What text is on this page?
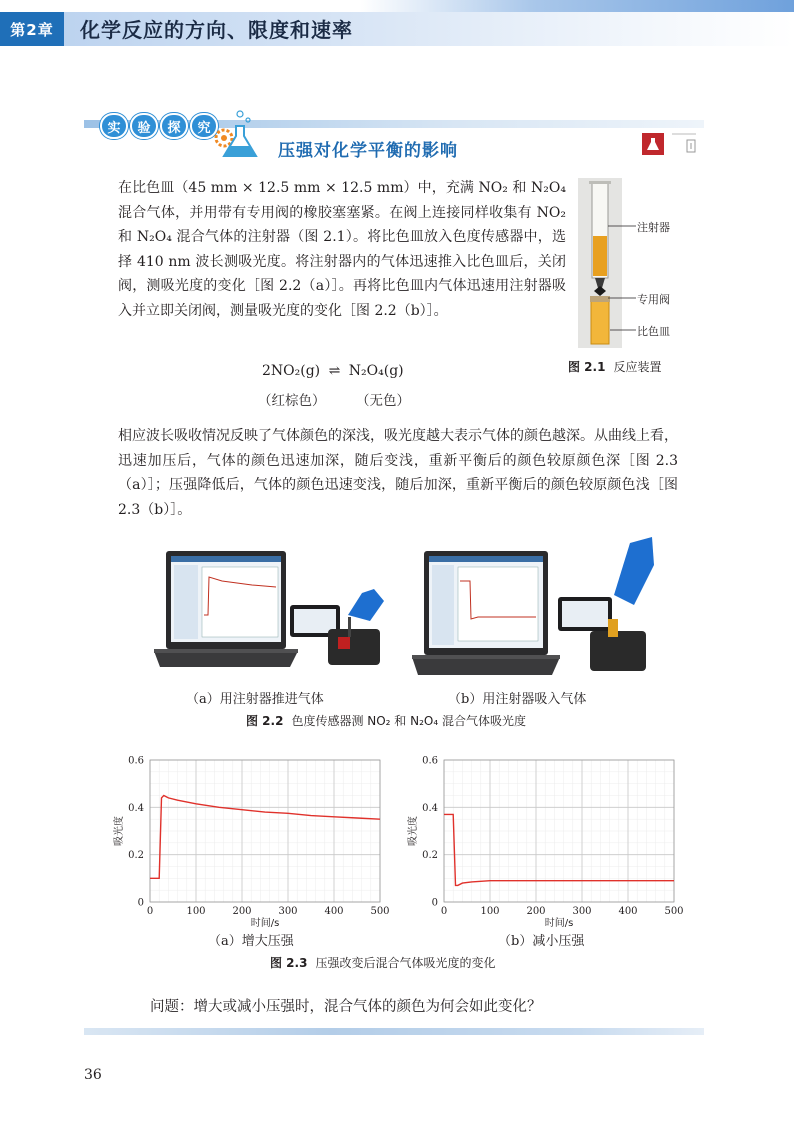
第2章	化学反应的方向、限度和速率
实	验	探	究
压强对化学平衡的影响
在比色皿（45 mm × 12.5 mm × 12.5 mm）中，充满 NO₂ 和 N₂O₄ 混合气体，并用带有专用阀的橡胶塞塞紧。在阀上连接同样收集有 NO₂ 和 N₂O₄ 混合气体的注射器（图 2.1）。将比色皿放入色度传感器中，选择 410 nm 波长测吸光度。将注射器内的气体迅速推入比色皿后，关闭阀，测吸光度的变化［图 2.2（a）］。再将比色皿内气体迅速用注射器吸入并立即关闭阀，测量吸光度的变化［图 2.2（b）］。
注射器
专用阀
比色皿
图 2.1 反应装置
2NO₂(g) ⇌ N₂O₄(g)
（红棕色） （无色）
相应波长吸收情况反映了气体颜色的深浅，吸光度越大表示气体的颜色越深。从曲线上看，迅速加压后，气体的颜色迅速加深，随后变浅，重新平衡后的颜色较原颜色深［图 2.3（a）］；压强降低后，气体的颜色迅速变浅，随后加深，重新平衡后的颜色较原颜色浅［图 2.3（b）］。
（a）用注射器推进气体	（b）用注射器吸入气体
图 2.2 色度传感器测 NO₂ 和 N₂O₄ 混合气体吸光度
0	100	200	300	400	500
0
0.2
0.4
0.6
时间/s
吸光度
0	100	200	300	400	500
0
0.2
0.4
0.6
时间/s
吸光度
（a）增大压强	（b）减小压强
图 2.3 压强改变后混合气体吸光度的变化
问题：增大或减小压强时，混合气体的颜色为何会如此变化？
36
